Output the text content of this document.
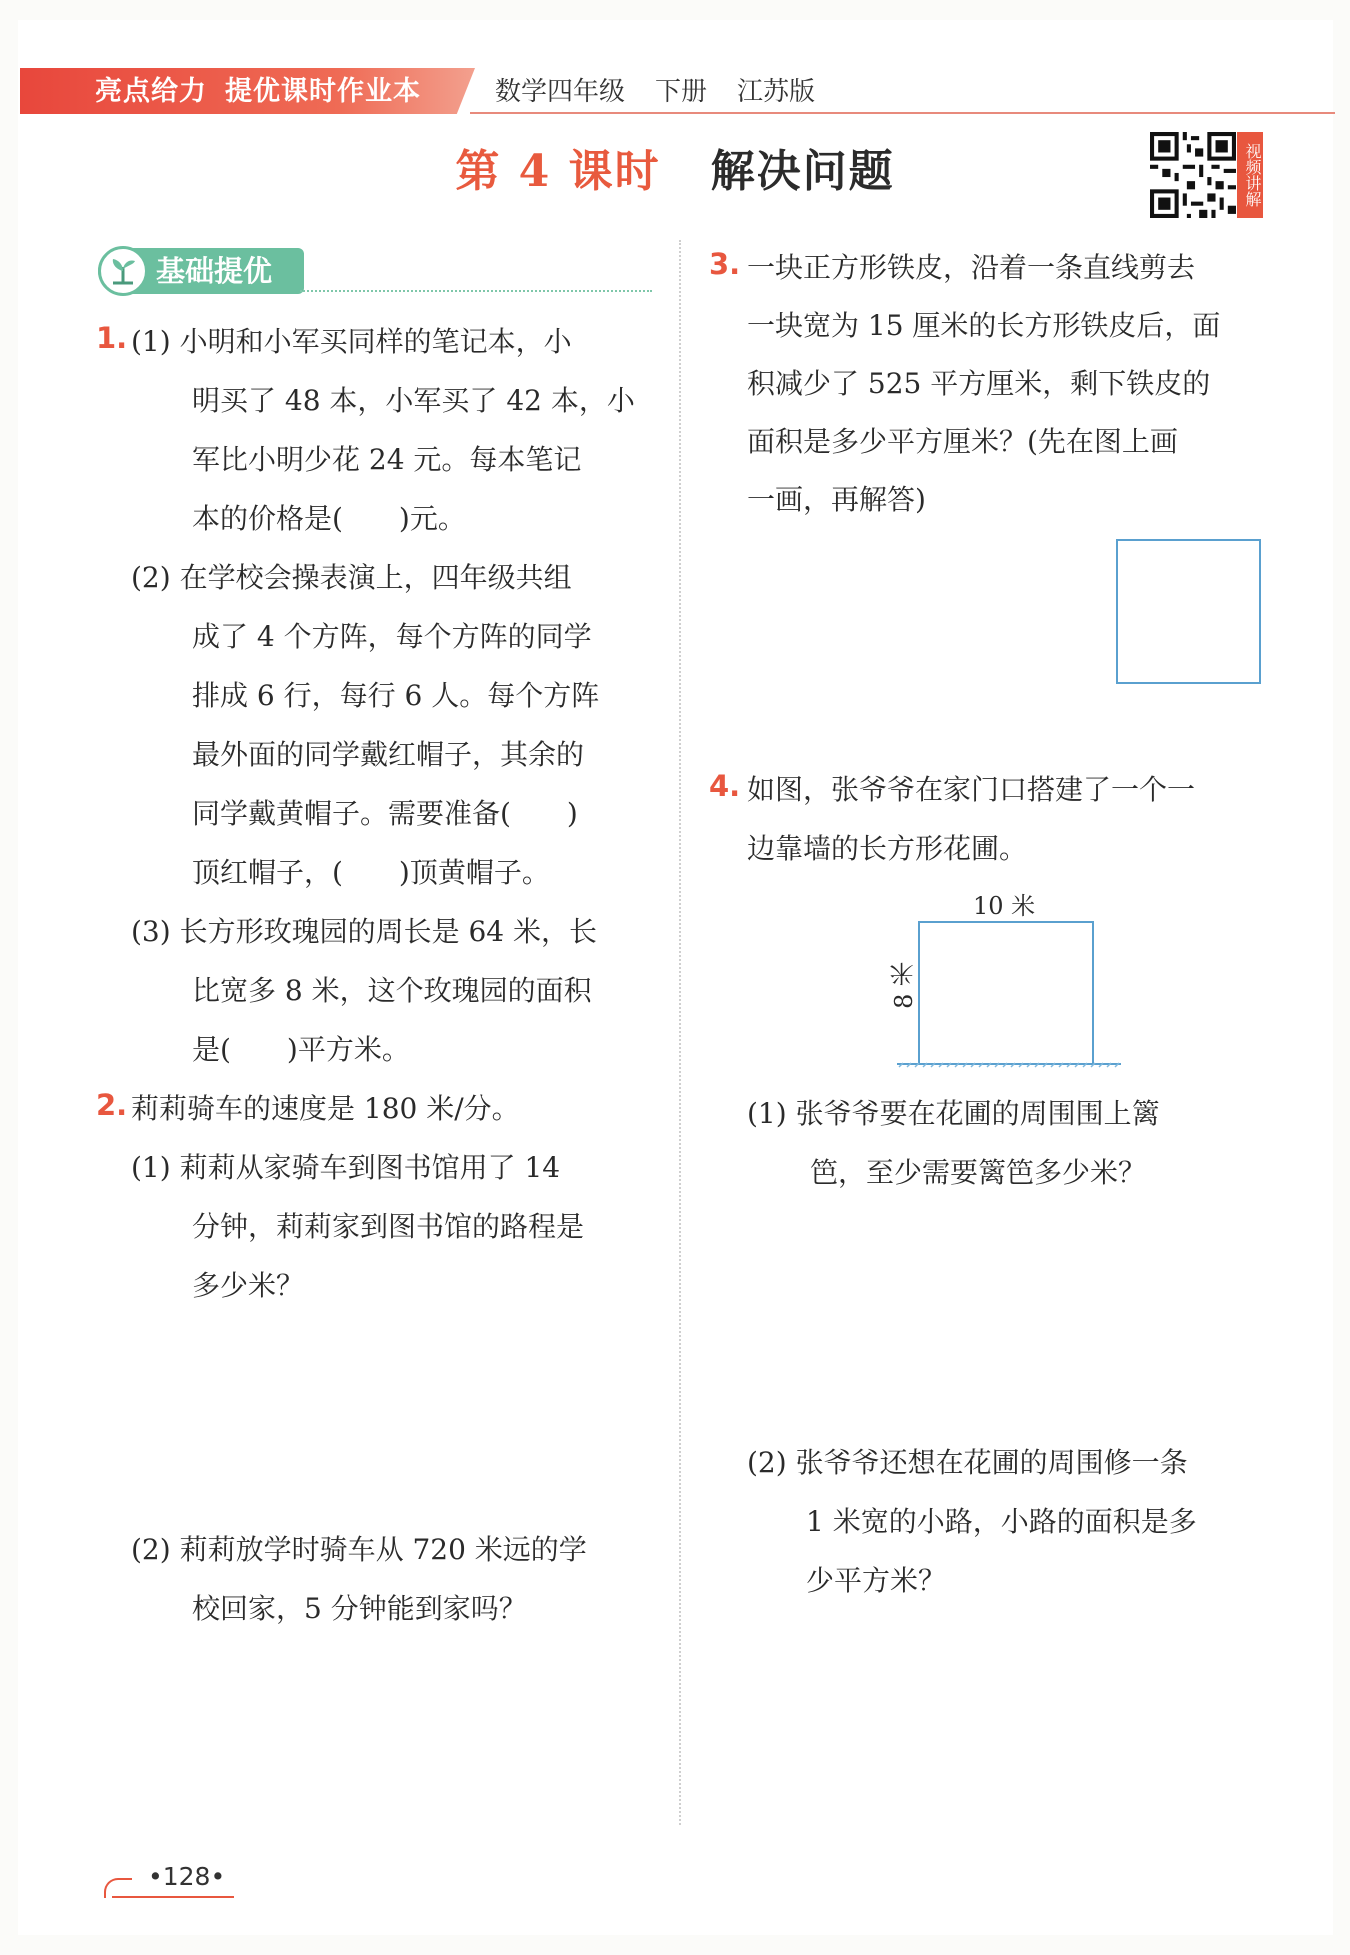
亮点给力 提优课时作业本	数学四年级 下册 江苏版
第 4 课时 解决问题	视频讲解
基础提优
1. (1) 小明和小军买同样的笔记本，小
明买了 48 本，小军买了 42 本，小
军比小明少花 24 元。每本笔记
本的价格是(　　)元。
(2) 在学校会操表演上，四年级共组
成了 4 个方阵，每个方阵的同学
排成 6 行，每行 6 人。每个方阵
最外面的同学戴红帽子，其余的
同学戴黄帽子。需要准备(　　)
顶红帽子，(　　)顶黄帽子。
(3) 长方形玫瑰园的周长是 64 米，长
比宽多 8 米，这个玫瑰园的面积
是(　　)平方米。
2. 莉莉骑车的速度是 180 米/分。
(1) 莉莉从家骑车到图书馆用了 14
分钟，莉莉家到图书馆的路程是
多少米？
(2) 莉莉放学时骑车从 720 米远的学
校回家，5 分钟能到家吗？
3. 一块正方形铁皮，沿着一条直线剪去
一块宽为 15 厘米的长方形铁皮后，面
积减少了 525 平方厘米，剩下铁皮的
面积是多少平方厘米？(先在图上画
一画，再解答)
4. 如图，张爷爷在家门口搭建了一个一
边靠墙的长方形花圃。
10 米
8 米
(1) 张爷爷要在花圃的周围围上篱
笆，至少需要篱笆多少米？
(2) 张爷爷还想在花圃的周围修一条
1 米宽的小路，小路的面积是多
少平方米？
•128•
